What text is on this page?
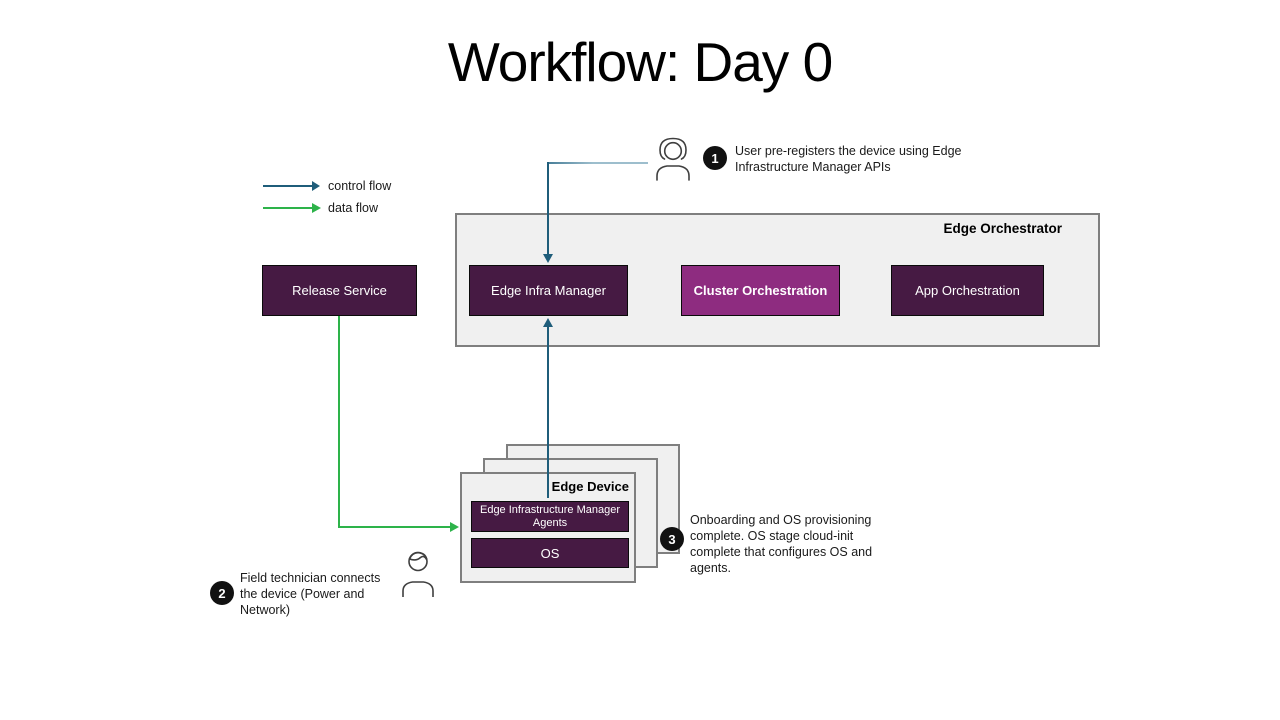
Workflow: Day 0
control flow
data flow
Edge Orchestrator
Release Service	Edge Infra Manager	Cluster Orchestration	App Orchestration
Edge Device
Edge Infrastructure Manager Agents
OS
1 User pre-registers the device using Edge Infrastructure Manager APIs
2
Field technician connects the device (Power and Network)
3
Onboarding and OS provisioning complete. OS stage cloud-init complete that configures OS and agents.
